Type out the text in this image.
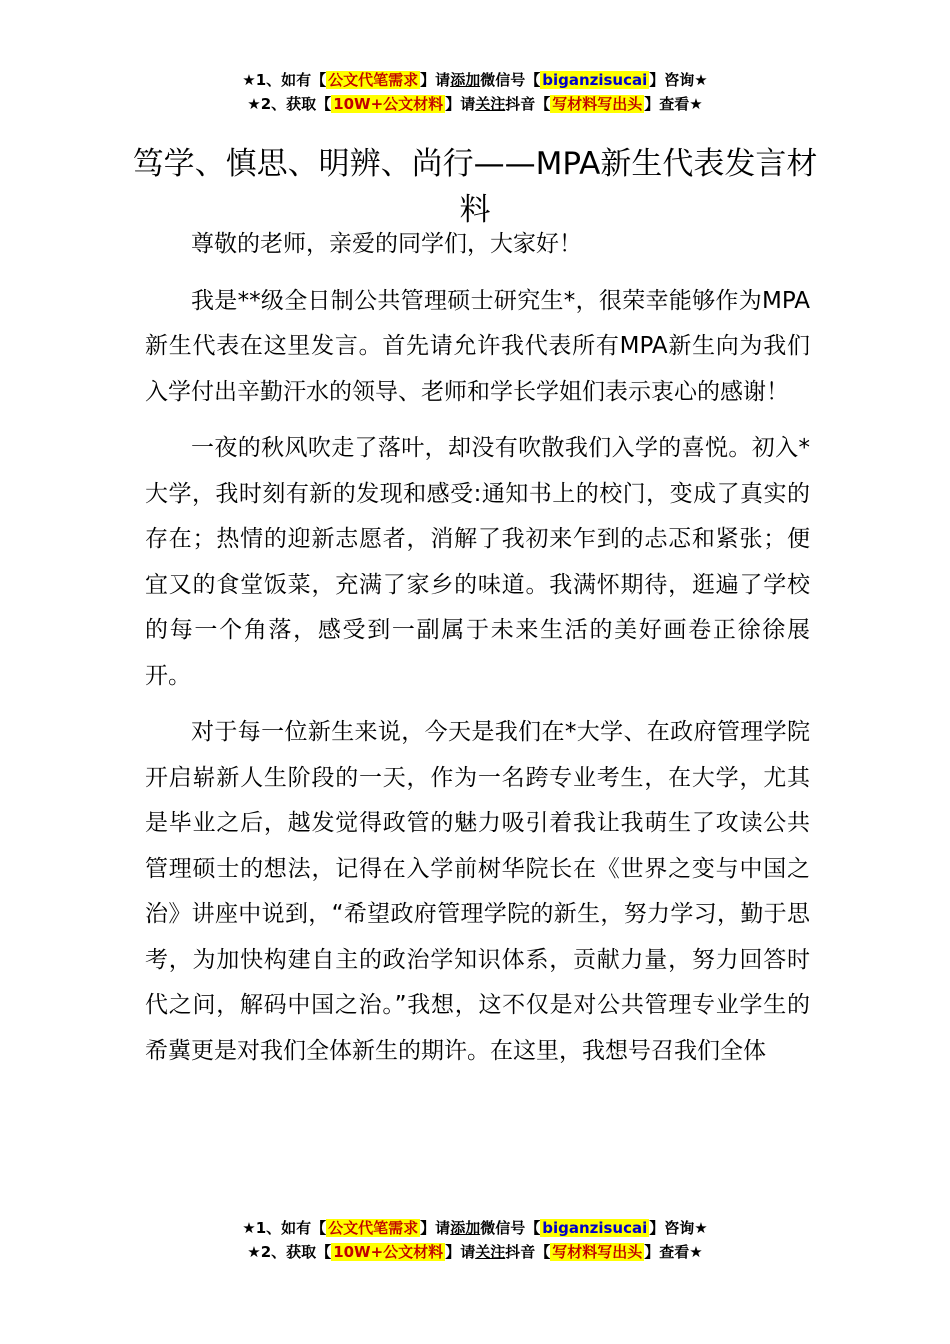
★1、如有【 公文代笔需求 】请添加微信号【 biganzisucai 】咨询★
★2、获取【 10W+公文材料 】请关注抖音【 写材料写出头 】查看★
笃学、慎思、明辨、尚行——MPA新生代表发言材料

尊敬的老师，亲爱的同学们，大家好！

我是**级全日制公共管理硕士研究生*，很荣幸能够作为MPA新生代表在这里发言。首先请允许我代表所有MPA新生向为我们入学付出辛勤汗水的领导、老师和学长学姐们表示衷心的感谢！

一夜的秋风吹走了落叶，却没有吹散我们入学的喜悦。初入*大学，我时刻有新的发现和感受:通知书上的校门，变成了真实的存在；热情的迎新志愿者，消解了我初来乍到的忐忑和紧张；便宜又的食堂饭菜，充满了家乡的味道。我满怀期待，逛遍了学校的每一个角落，感受到一副属于未来生活的美好画卷正徐徐展开。

对于每一位新生来说，今天是我们在*大学、在政府管理学院开启崭新人生阶段的一天，作为一名跨专业考生，在大学，尤其是毕业之后，越发觉得政管的魅力吸引着我让我萌生了攻读公共管理硕士的想法，记得在入学前树华院长在《世界之变与中国之治》讲座中说到，“希望政府管理学院的新生，努力学习，勤于思考，为加快构建自主的政治学知识体系，贡献力量，努力回答时代之问，解码中国之治。”我想，这不仅是对公共管理专业学生的希冀更是对我们全体新生的期许。在这里，我想号召我们全体

★1、如有【 公文代笔需求 】请添加微信号【 biganzisucai 】咨询★
★2、获取【 10W+公文材料 】请关注抖音【 写材料写出头 】查看★
